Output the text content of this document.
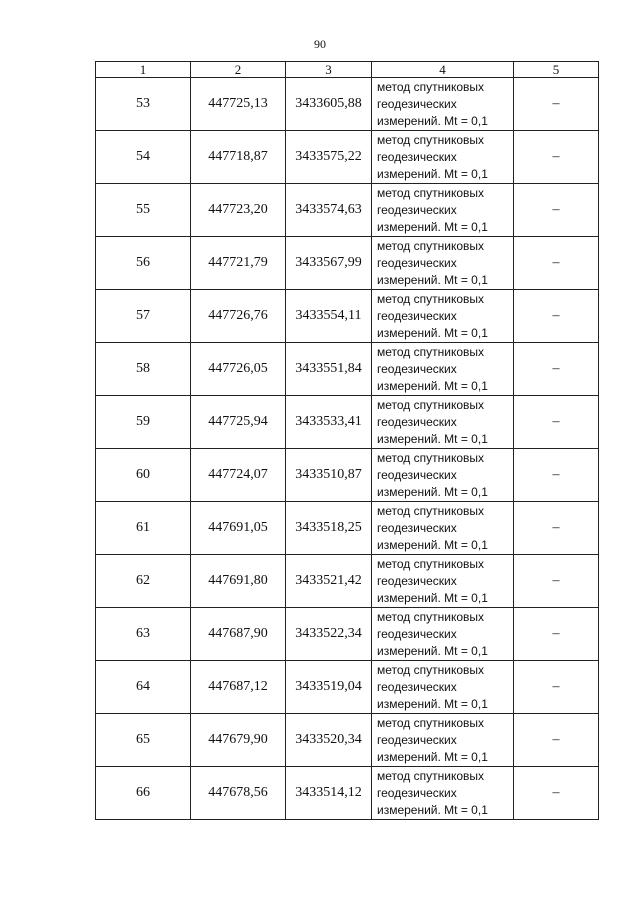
90
1	2	3	4	5
53	447725,13	3433605,88	метод спутниковых
геодезических
измерений. Mt = 0,1	–
54	447718,87	3433575,22	метод спутниковых
геодезических
измерений. Mt = 0,1	–
55	447723,20	3433574,63	метод спутниковых
геодезических
измерений. Mt = 0,1	–
56	447721,79	3433567,99	метод спутниковых
геодезических
измерений. Mt = 0,1	–
57	447726,76	3433554,11	метод спутниковых
геодезических
измерений. Mt = 0,1	–
58	447726,05	3433551,84	метод спутниковых
геодезических
измерений. Mt = 0,1	–
59	447725,94	3433533,41	метод спутниковых
геодезических
измерений. Mt = 0,1	–
60	447724,07	3433510,87	метод спутниковых
геодезических
измерений. Mt = 0,1	–
61	447691,05	3433518,25	метод спутниковых
геодезических
измерений. Mt = 0,1	–
62	447691,80	3433521,42	метод спутниковых
геодезических
измерений. Mt = 0,1	–
63	447687,90	3433522,34	метод спутниковых
геодезических
измерений. Mt = 0,1	–
64	447687,12	3433519,04	метод спутниковых
геодезических
измерений. Mt = 0,1	–
65	447679,90	3433520,34	метод спутниковых
геодезических
измерений. Mt = 0,1	–
66	447678,56	3433514,12	метод спутниковых
геодезических
измерений. Mt = 0,1	–
